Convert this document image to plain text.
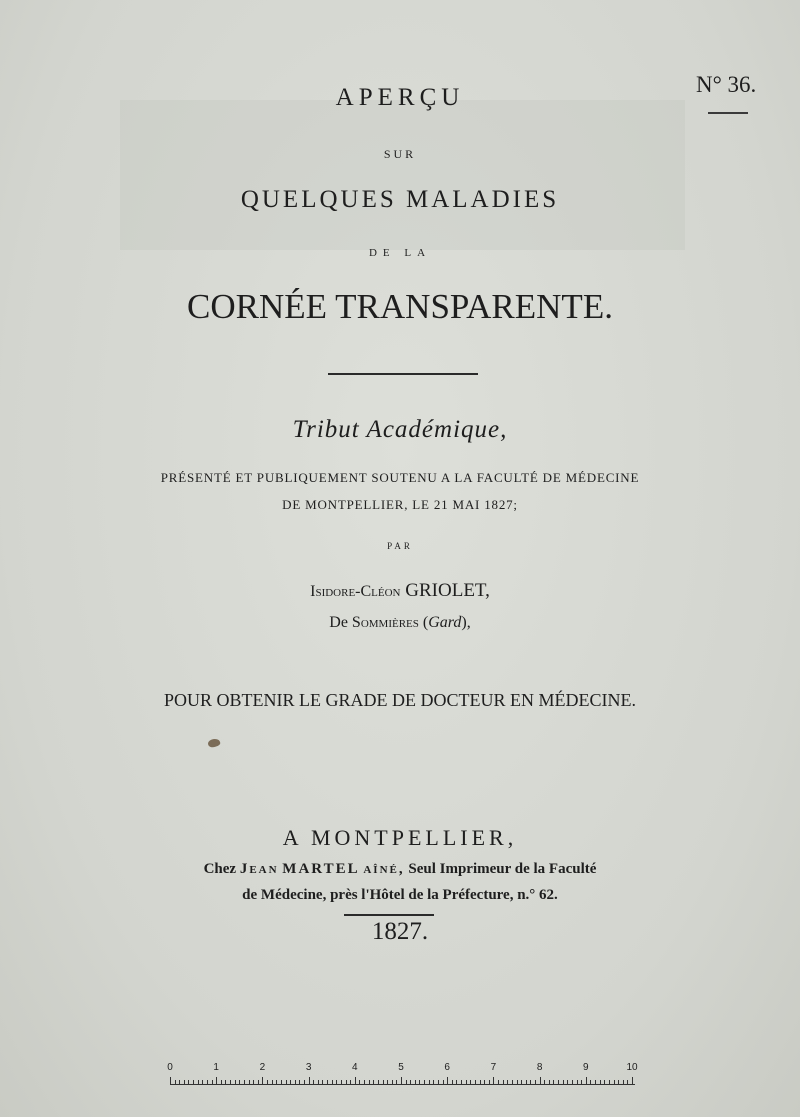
N° 36.
APERÇU
SUR
QUELQUES MALADIES
DE LA
CORNÉE TRANSPARENTE.
Tribut Académique,
PRÉSENTÉ ET PUBLIQUEMENT SOUTENU A LA FACULTÉ DE MÉDECINE
DE MONTPELLIER, LE 21 MAI 1827;
PAR
Isidore-Cléon GRIOLET,
De Sommières (Gard),
POUR OBTENIR LE GRADE DE DOCTEUR EN MÉDECINE.
A MONTPELLIER,
Chez Jean MARTEL aîné, Seul Imprimeur de la Faculté
de Médecine, près l'Hôtel de la Préfecture, n.° 62.
1827.
0	1	2	3	4	5	6	7	8	9	10
